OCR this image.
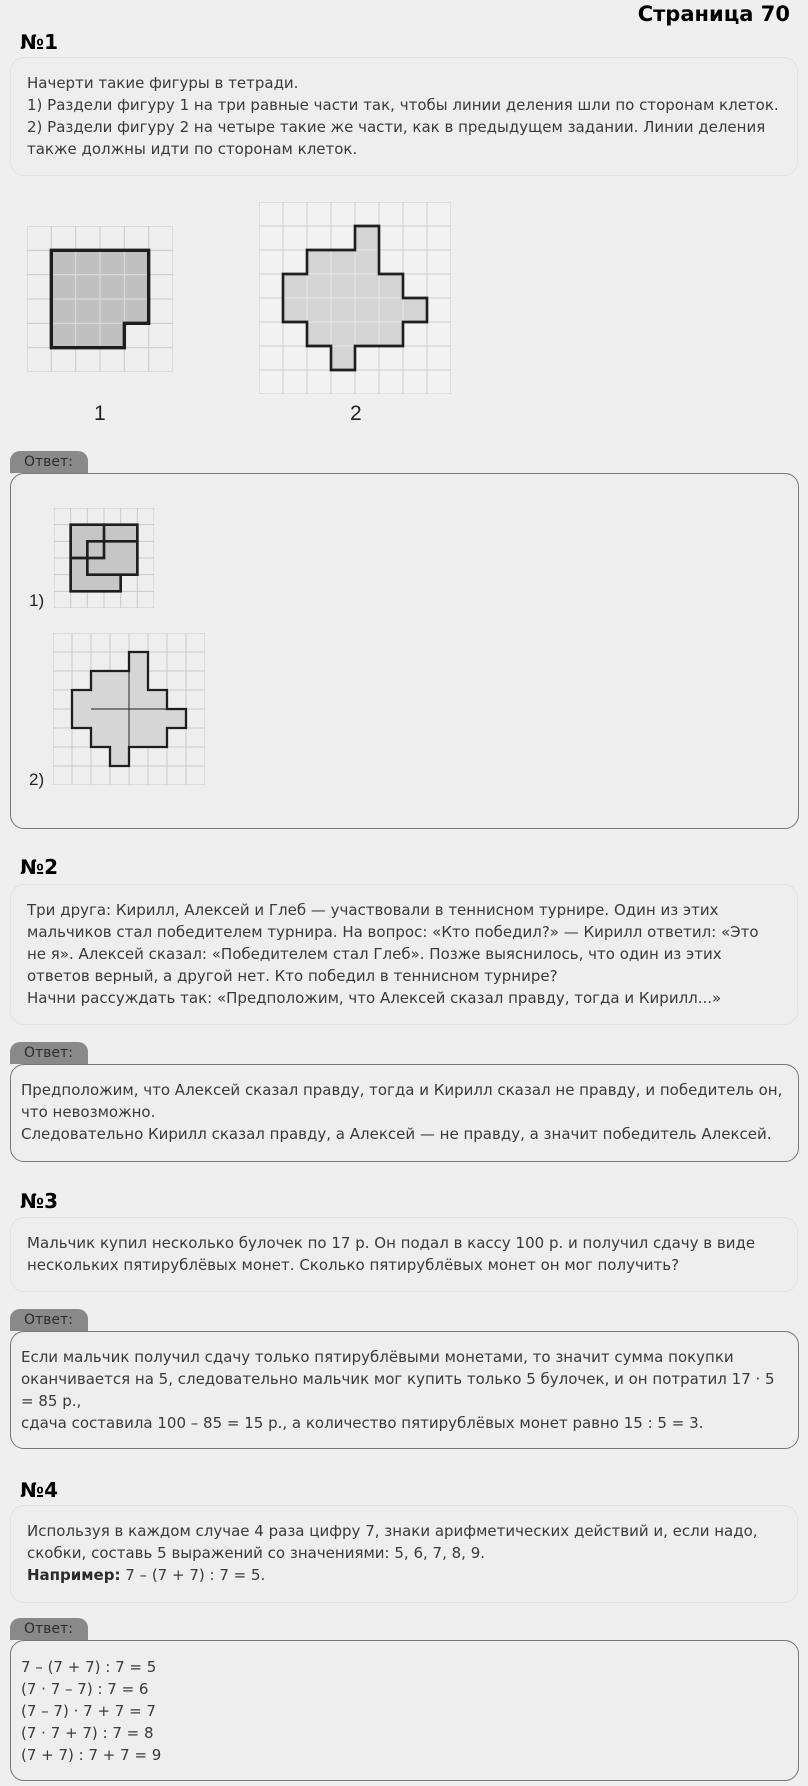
Страница 70
№1

Начерти такие фигуры в тетради.

1) Раздели фигуру 1 на три равные части так, чтобы линии деления шли по сторонам клеток.

2) Раздели фигуру 2 на четыре такие же части, как в предыдущем задании. Линии деления также должны идти по сторонам клеток.

1	2
Ответ:
1)
2)
№2

Три друга: Кирилл, Алексей и Глеб — участвовали в теннисном турнире. Один из этих мальчиков стал победителем турнира. На вопрос: «Кто победил?» — Кирилл ответил: «Это не я». Алексей сказал: «Победителем стал Глеб». Позже выяснилось, что один из этих ответов верный, а другой нет. Кто победил в теннисном турнире?

Начни рассуждать так: «Предположим, что Алексей сказал правду, тогда и Кирилл...»

Ответ:

Предположим, что Алексей сказал правду, тогда и Кирилл сказал не правду, и победитель он, что невозможно.

Следовательно Кирилл сказал правду, а Алексей — не правду, а значит победитель Алексей.

№3

Мальчик купил несколько булочек по 17 р. Он подал в кассу 100 р. и получил сдачу в виде нескольких пятирублёвых монет. Сколько пятирублёвых монет он мог получить?

Ответ:

Если мальчик получил сдачу только пятирублёвыми монетами, то значит сумма покупки оканчивается на 5, следовательно мальчик мог купить только 5 булочек, и он потратил 17 · 5 = 85 р.,

сдача составила 100 – 85 = 15 р., а количество пятирублёвых монет равно 15 : 5 = 3.

№4

Используя в каждом случае 4 раза цифру 7, знаки арифметических действий и, если надо, скобки, составь 5 выражений со значениями: 5, 6, 7, 8, 9.

Например: 7 – (7 + 7) : 7 = 5.

Ответ:

7 – (7 + 7) : 7 = 5

(7 · 7 – 7) : 7 = 6

(7 – 7) · 7 + 7 = 7

(7 · 7 + 7) : 7 = 8

(7 + 7) : 7 + 7 = 9
